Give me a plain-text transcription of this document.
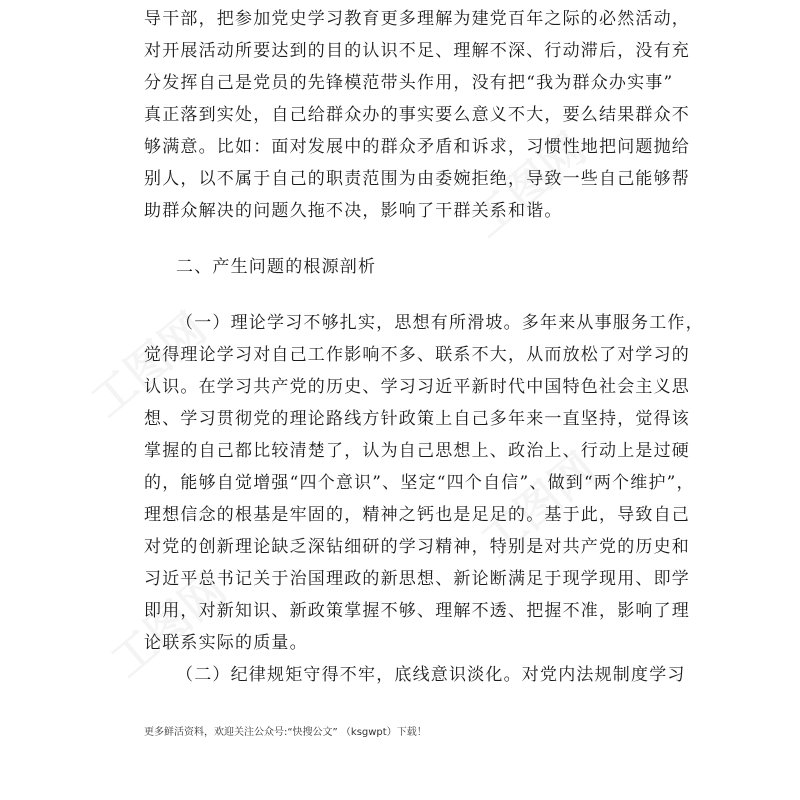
导干部，把参加党史学习教育更多理解为建党百年之际的必然活动，
对开展活动所要达到的目的认识不足、理解不深、行动滞后，没有充
分发挥自己是党员的先锋模范带头作用，没有把“我为群众办实事”
真正落到实处，自己给群众办的事实要么意义不大，要么结果群众不
够满意。比如：面对发展中的群众矛盾和诉求，习惯性地把问题抛给
别人，以不属于自己的职责范围为由委婉拒绝，导致一些自己能够帮
助群众解决的问题久拖不决，影响了干群关系和谐。
二、产生问题的根源剖析
（一）理论学习不够扎实，思想有所滑坡。多年来从事服务工作，
觉得理论学习对自己工作影响不多、联系不大，从而放松了对学习的
认识。在学习共产党的历史、学习习近平新时代中国特色社会主义思
想、学习贯彻党的理论路线方针政策上自己多年来一直坚持，觉得该
掌握的自己都比较清楚了，认为自己思想上、政治上、行动上是过硬
的，能够自觉增强“四个意识”、坚定“四个自信”、做到“两个维护”，
理想信念的根基是牢固的，精神之钙也是足足的。基于此，导致自己
对党的创新理论缺乏深钻细研的学习精神，特别是对共产党的历史和
习近平总书记关于治国理政的新思想、新论断满足于现学现用、即学
即用，对新知识、新政策掌握不够、理解不透、把握不准，影响了理
论联系实际的质量。
（二）纪律规矩守得不牢，底线意识淡化。对党内法规制度学习
更多鲜活资料，欢迎关注公众号:“快搜公文” （ksgwpt）下载！
